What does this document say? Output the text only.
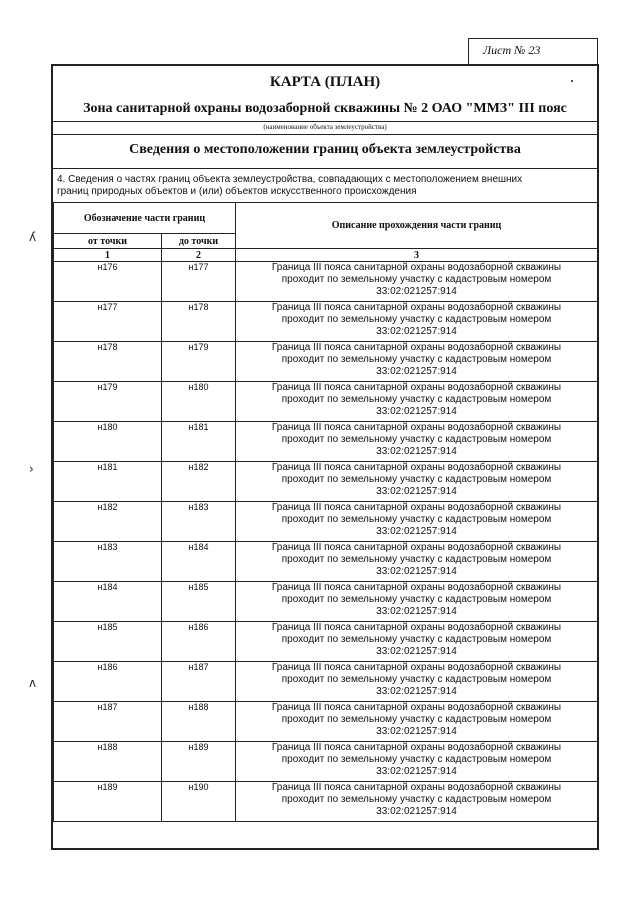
Лист № 23
КАРТА (ПЛАН)
Зона санитарной охраны водозаборной скважины № 2 ОАО "ММЗ" III пояс
(наименование объекта землеустройства)
Сведения о местоположении границ объекта землеустройства
4. Сведения о частях границ объекта землеустройства, совпадающих с местоположением внешних
границ природных объектов и (или) объектов искусственного происхождения
Обозначение части границ		Описание прохождения части границ
от точки	до точки	
1	2	3
н176	н177	Граница III пояса санитарной охраны водозаборной скважины
проходит по земельному участку с кадастровым номером
33:02:021257:914

н177	н178	Граница III пояса санитарной охраны водозаборной скважины
проходит по земельному участку с кадастровым номером
33:02:021257:914

н178	н179	Граница III пояса санитарной охраны водозаборной скважины
проходит по земельному участку с кадастровым номером
33:02:021257:914

н179	н180	Граница III пояса санитарной охраны водозаборной скважины
проходит по земельному участку с кадастровым номером
33:02:021257:914

н180	н181	Граница III пояса санитарной охраны водозаборной скважины
проходит по земельному участку с кадастровым номером
33:02:021257:914

н181	н182	Граница III пояса санитарной охраны водозаборной скважины
проходит по земельному участку с кадастровым номером
33:02:021257:914

н182	н183	Граница III пояса санитарной охраны водозаборной скважины
проходит по земельному участку с кадастровым номером
33:02:021257:914

н183	н184	Граница III пояса санитарной охраны водозаборной скважины
проходит по земельному участку с кадастровым номером
33:02:021257:914

н184	н185	Граница III пояса санитарной охраны водозаборной скважины
проходит по земельному участку с кадастровым номером
33:02:021257:914

н185	н186	Граница III пояса санитарной охраны водозаборной скважины
проходит по земельному участку с кадастровым номером
33:02:021257:914

н186	н187	Граница III пояса санитарной охраны водозаборной скважины
проходит по земельному участку с кадастровым номером
33:02:021257:914

н187	н188	Граница III пояса санитарной охраны водозаборной скважины
проходит по земельному участку с кадастровым номером
33:02:021257:914

н188	н189	Граница III пояса санитарной охраны водозаборной скважины
проходит по земельному участку с кадастровым номером
33:02:021257:914

н189	н190	Граница III пояса санитарной охраны водозаборной скважины
проходит по земельному участку с кадастровым номером
33:02:021257:914
ʎ
›
ʌ
